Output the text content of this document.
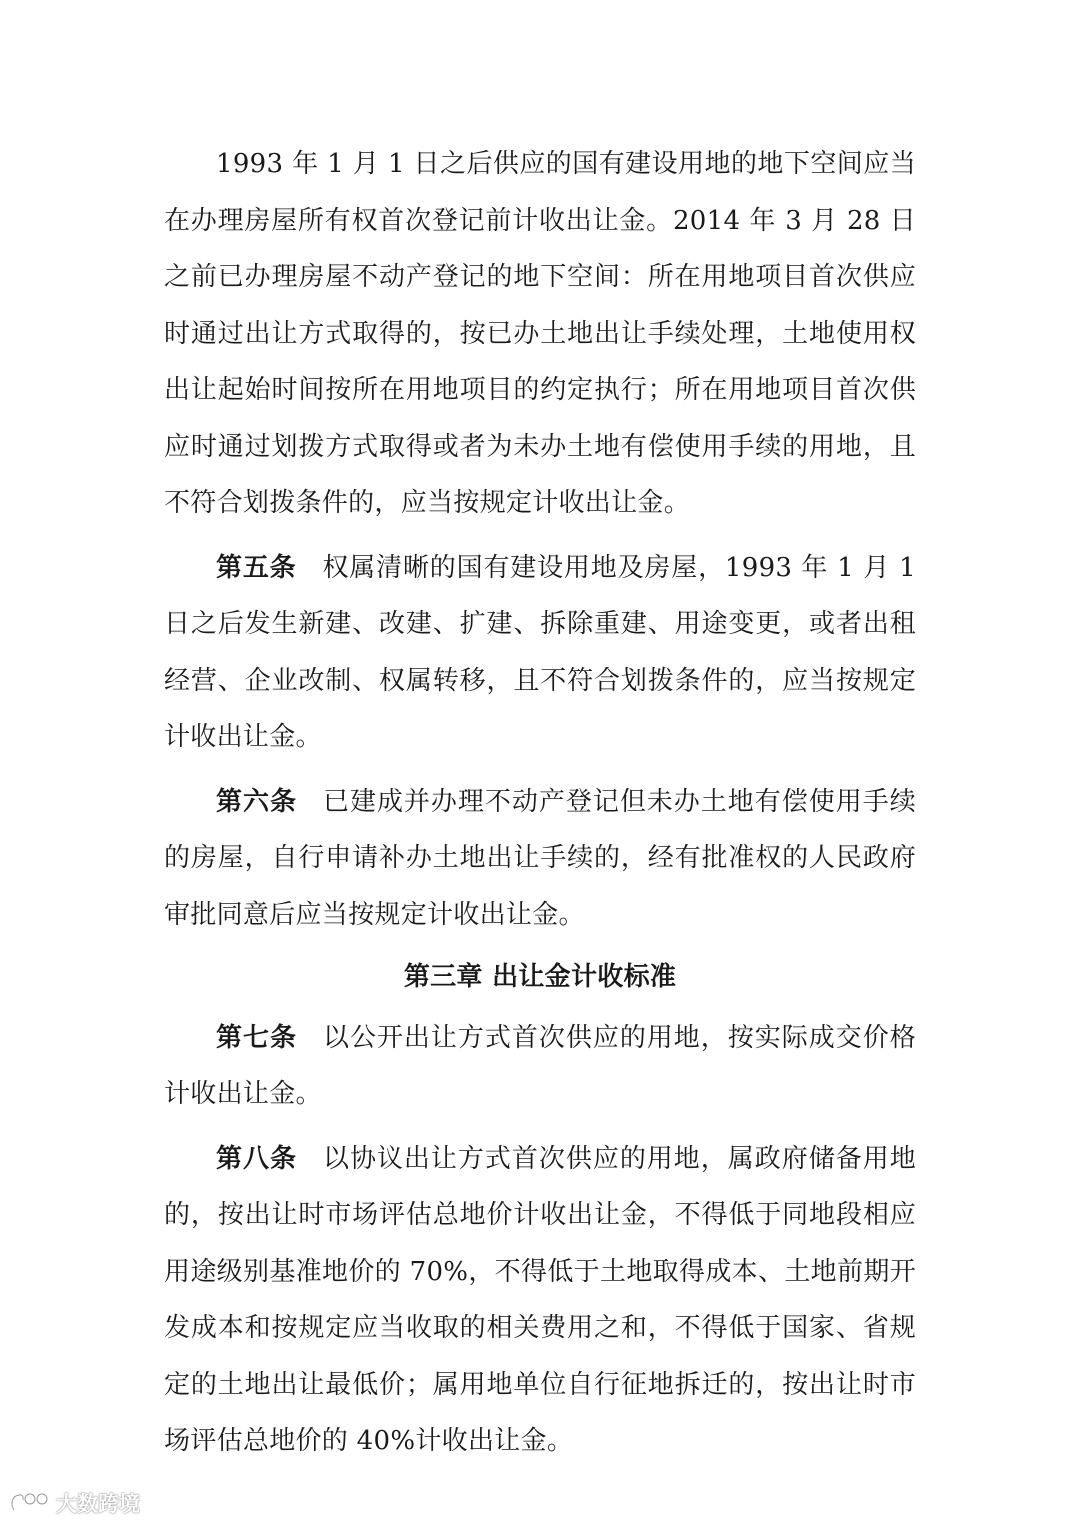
1993 年 1 月 1 日之后供应的国有建设用地的地下空间应当在办理房屋所有权首次登记前计收出让金。2014 年 3 月 28 日之前已办理房屋不动产登记的地下空间：所在用地项目首次供应时通过出让方式取得的，按已办土地出让手续处理，土地使用权出让起始时间按所在用地项目的约定执行；所在用地项目首次供应时通过划拨方式取得或者为未办土地有偿使用手续的用地，且不符合划拨条件的，应当按规定计收出让金。

第五条 权属清晰的国有建设用地及房屋，1993 年 1 月 1 日之后发生新建、改建、扩建、拆除重建、用途变更，或者出租经营、企业改制、权属转移，且不符合划拨条件的，应当按规定计收出让金。

第六条 已建成并办理不动产登记但未办土地有偿使用手续的房屋，自行申请补办土地出让手续的，经有批准权的人民政府审批同意后应当按规定计收出让金。

第三章 出让金计收标准

第七条 以公开出让方式首次供应的用地，按实际成交价格计收出让金。

第八条 以协议出让方式首次供应的用地，属政府储备用地的，按出让时市场评估总地价计收出让金，不得低于同地段相应用途级别基准地价的 70%，不得低于土地取得成本、土地前期开发成本和按规定应当收取的相关费用之和，不得低于国家、省规定的土地出让最低价；属用地单位自行征地拆迁的，按出让时市场评估总地价的 40%计收出让金。

大数跨境
